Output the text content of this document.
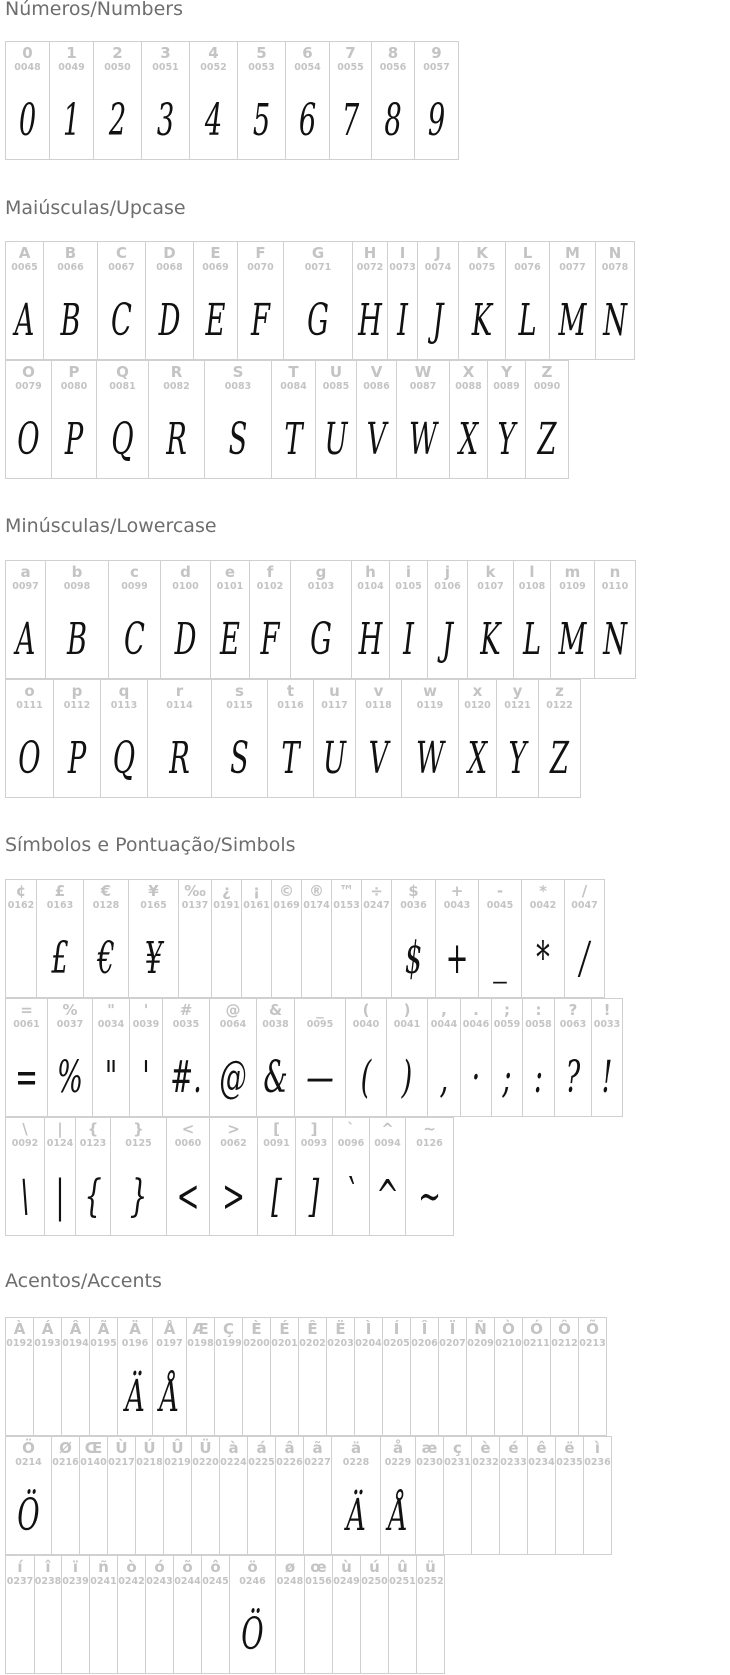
Números/Numbers
0
0048
0
1
0049
1
2
0050
2
3
0051
3
4
0052
4
5
0053
5
6
0054
6
7
0055
7
8
0056
8
9
0057
9
Maiúsculas/Upcase
A
0065
A
B
0066
B
C
0067
C
D
0068
D
E
0069
E
F
0070
F
G
0071
G
H
0072
H
I
0073
I
J
0074
J
K
0075
K
L
0076
L
M
0077
M
N
0078
N
O
0079
O
P
0080
P
Q
0081
Q
R
0082
R
S
0083
S
T
0084
T
U
0085
U
V
0086
V
W
0087
W
X
0088
X
Y
0089
Y
Z
0090
Z
Minúsculas/Lowercase
a
0097
A
b
0098
B
c
0099
C
d
0100
D
e
0101
E
f
0102
F
g
0103
G
h
0104
H
i
0105
I
j
0106
J
k
0107
K
l
0108
L
m
0109
M
n
0110
N
o
0111
O
p
0112
P
q
0113
Q
r
0114
R
s
0115
S
t
0116
T
u
0117
U
v
0118
V
w
0119
W
x
0120
X
y
0121
Y
z
0122
Z
Símbolos e Pontuação/Simbols
¢
0162
£
0163
£
€
0128
€
¥
0165
¥
‰
0137
¿
0191
¡
0161
©
0169
®
0174
™
0153
÷
0247
$
0036
$
+
0043
+
-
0045
_
*
0042
*
/
0047
/
=
0061
=
%
0037
%
"
0034
"
'
0039
'
#
0035
#.
@
0064
@
&
0038
&
_
0095
—
(
0040
(
)
0041
)
,
0044
,
.
0046
·
;
0059
;
:
0058
:
?
0063
?
!
0033
!
\
0092
\
|
0124
|
{
0123
{
}
0125
}
<
0060
<
>
0062
>
[
0091
[
]
0093
]
`
0096
`
^
0094
^
~
0126
~
Acentos/Accents
À
0192
Á
0193
Â
0194
Ã
0195
Ä
0196
Ä
Å
0197
Å
Æ
0198
Ç
0199
È
0200
É
0201
Ê
0202
Ë
0203
Ì
0204
Í
0205
Î
0206
Ï
0207
Ñ
0209
Ò
0210
Ó
0211
Ô
0212
Õ
0213
Ö
0214
Ö
Ø
0216
Œ
0140
Ù
0217
Ú
0218
Û
0219
Ü
0220
à
0224
á
0225
â
0226
ã
0227
ä
0228
Ä
å
0229
Å
æ
0230
ç
0231
è
0232
é
0233
ê
0234
ë
0235
ì
0236
í
0237
î
0238
ï
0239
ñ
0241
ò
0242
ó
0243
õ
0244
ô
0245
ö
0246
Ö
ø
0248
œ
0156
ù
0249
ú
0250
û
0251
ü
0252
